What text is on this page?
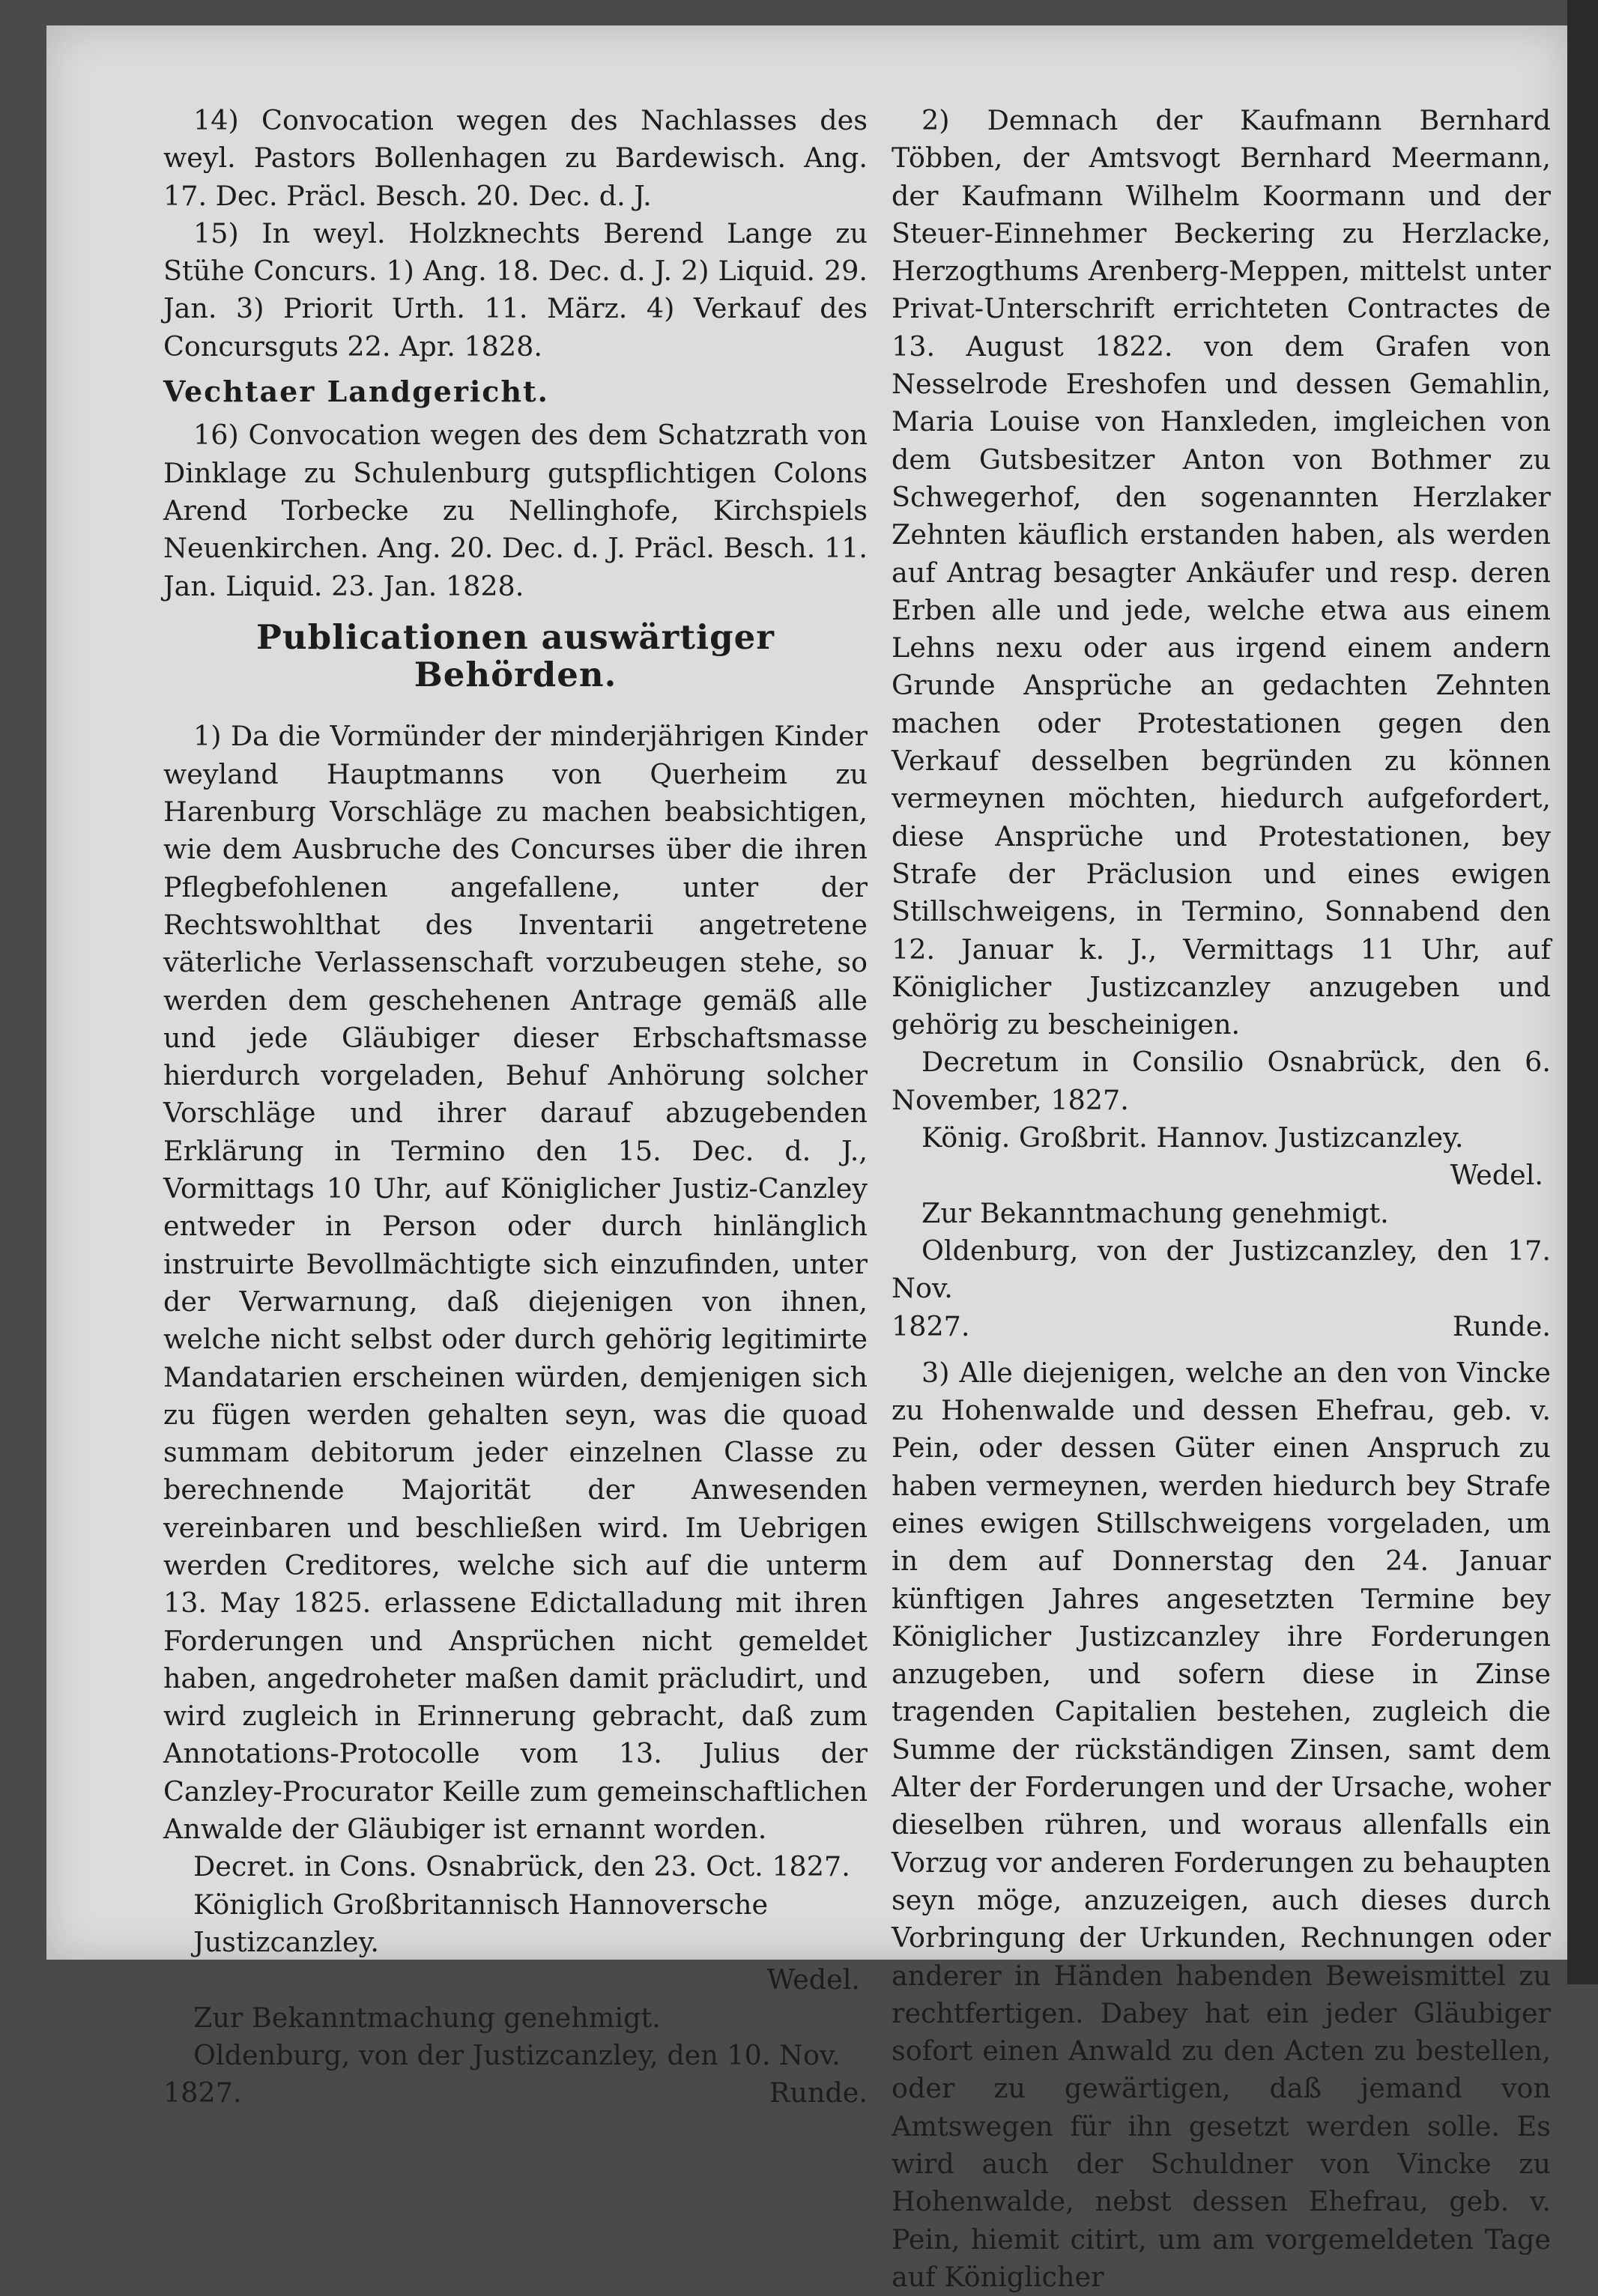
14) Convocation wegen des Nachlasses des weyl. Pastors Bollenhagen zu Bardewisch. Ang. 17. Dec. Präcl. Besch. 20. Dec. d. J.

15) In weyl. Holzknechts Berend Lange zu Stühe Concurs. 1) Ang. 18. Dec. d. J. 2) Liquid. 29. Jan. 3) Priorit Urth. 11. März. 4) Verkauf des Concursguts 22. Apr. 1828.

Vechtaer Landgericht.

16) Convocation wegen des dem Schatzrath von Dinklage zu Schulenburg gutspflichtigen Colons Arend Torbecke zu Nellinghofe, Kirchspiels Neuenkirchen. Ang. 20. Dec. d. J. Präcl. Besch. 11. Jan. Liquid. 23. Jan. 1828.

Publicationen auswärtiger Behörden.

1) Da die Vormünder der minderjährigen Kinder weyland Hauptmanns von Querheim zu Harenburg Vorschläge zu machen beabsichtigen, wie dem Ausbruche des Concurses über die ihren Pflegbefohlenen angefallene, unter der Rechtswohlthat des Inventarii angetretene väterliche Verlassenschaft vorzubeugen stehe, so werden dem geschehenen Antrage gemäß alle und jede Gläubiger dieser Erbschaftsmasse hierdurch vorgeladen, Behuf Anhörung solcher Vorschläge und ihrer darauf abzugebenden Erklärung in Termino den 15. Dec. d. J., Vormittags 10 Uhr, auf Königlicher Justiz-Canzley entweder in Person oder durch hinlänglich instruirte Bevollmächtigte sich einzufinden, unter der Verwarnung, daß diejenigen von ihnen, welche nicht selbst oder durch gehörig legitimirte Mandatarien erscheinen würden, demjenigen sich zu fügen werden gehalten seyn, was die quoad summam debitorum jeder einzelnen Classe zu berechnende Majorität der Anwesenden vereinbaren und beschließen wird. Im Uebrigen werden Creditores, welche sich auf die unterm 13. May 1825. erlassene Edictalladung mit ihren Forderungen und Ansprüchen nicht gemeldet haben, angedroheter maßen damit präcludirt, und wird zugleich in Erinnerung gebracht, daß zum Annotations-Protocolle vom 13. Julius der Canzley-Procurator Keille zum gemeinschaftlichen Anwalde der Gläubiger ist ernannt worden.

Decret. in Cons. Osnabrück, den 23. Oct. 1827.

Königlich Großbritannisch Hannoversche Justizcanzley.

Wedel.

Zur Bekanntmachung genehmigt.

Oldenburg, von der Justizcanzley, den 10. Nov.

1827.	Runde.

2) Demnach der Kaufmann Bernhard Többen, der Amtsvogt Bernhard Meermann, der Kaufmann Wilhelm Koormann und der Steuer-Einnehmer Beckering zu Herzlacke, Herzogthums Arenberg-Meppen, mittelst unter Privat-Unterschrift errichteten Contractes de 13. August 1822. von dem Grafen von Nesselrode Ereshofen und dessen Gemahlin, Maria Louise von Hanxleden, imgleichen von dem Gutsbesitzer Anton von Bothmer zu Schwegerhof, den sogenannten Herzlaker Zehnten käuflich erstanden haben, als werden auf Antrag besagter Ankäufer und resp. deren Erben alle und jede, welche etwa aus einem Lehns nexu oder aus irgend einem andern Grunde Ansprüche an gedachten Zehnten machen oder Protestationen gegen den Verkauf desselben begründen zu können vermeynen möchten, hiedurch aufgefordert, diese Ansprüche und Protestationen, bey Strafe der Präclusion und eines ewigen Stillschweigens, in Termino, Sonnabend den 12. Januar k. J., Vermittags 11 Uhr, auf Königlicher Justizcanzley anzugeben und gehörig zu bescheinigen.

Decretum in Consilio Osnabrück, den 6. November, 1827.

König. Großbrit. Hannov. Justizcanzley.

Wedel.

Zur Bekanntmachung genehmigt.

Oldenburg, von der Justizcanzley, den 17. Nov.

1827.	Runde.

3) Alle diejenigen, welche an den von Vincke zu Hohenwalde und dessen Ehefrau, geb. v. Pein, oder dessen Güter einen Anspruch zu haben vermeynen, werden hiedurch bey Strafe eines ewigen Stillschweigens vorgeladen, um in dem auf Donnerstag den 24. Januar künftigen Jahres angesetzten Termine bey Königlicher Justizcanzley ihre Forderungen anzugeben, und sofern diese in Zinse tragenden Capitalien bestehen, zugleich die Summe der rückständigen Zinsen, samt dem Alter der Forderungen und der Ursache, woher dieselben rühren, und woraus allenfalls ein Vorzug vor anderen Forderungen zu behaupten seyn möge, anzuzeigen, auch dieses durch Vorbringung der Urkunden, Rechnungen oder anderer in Händen habenden Beweismittel zu rechtfertigen. Dabey hat ein jeder Gläubiger sofort einen Anwald zu den Acten zu bestellen, oder zu gewärtigen, daß jemand von Amtswegen für ihn gesetzt werden solle. Es wird auch der Schuldner von Vincke zu Hohenwalde, nebst dessen Ehefrau, geb. v. Pein, hiemit citirt, um am vorgemeldeten Tage auf Königlicher
